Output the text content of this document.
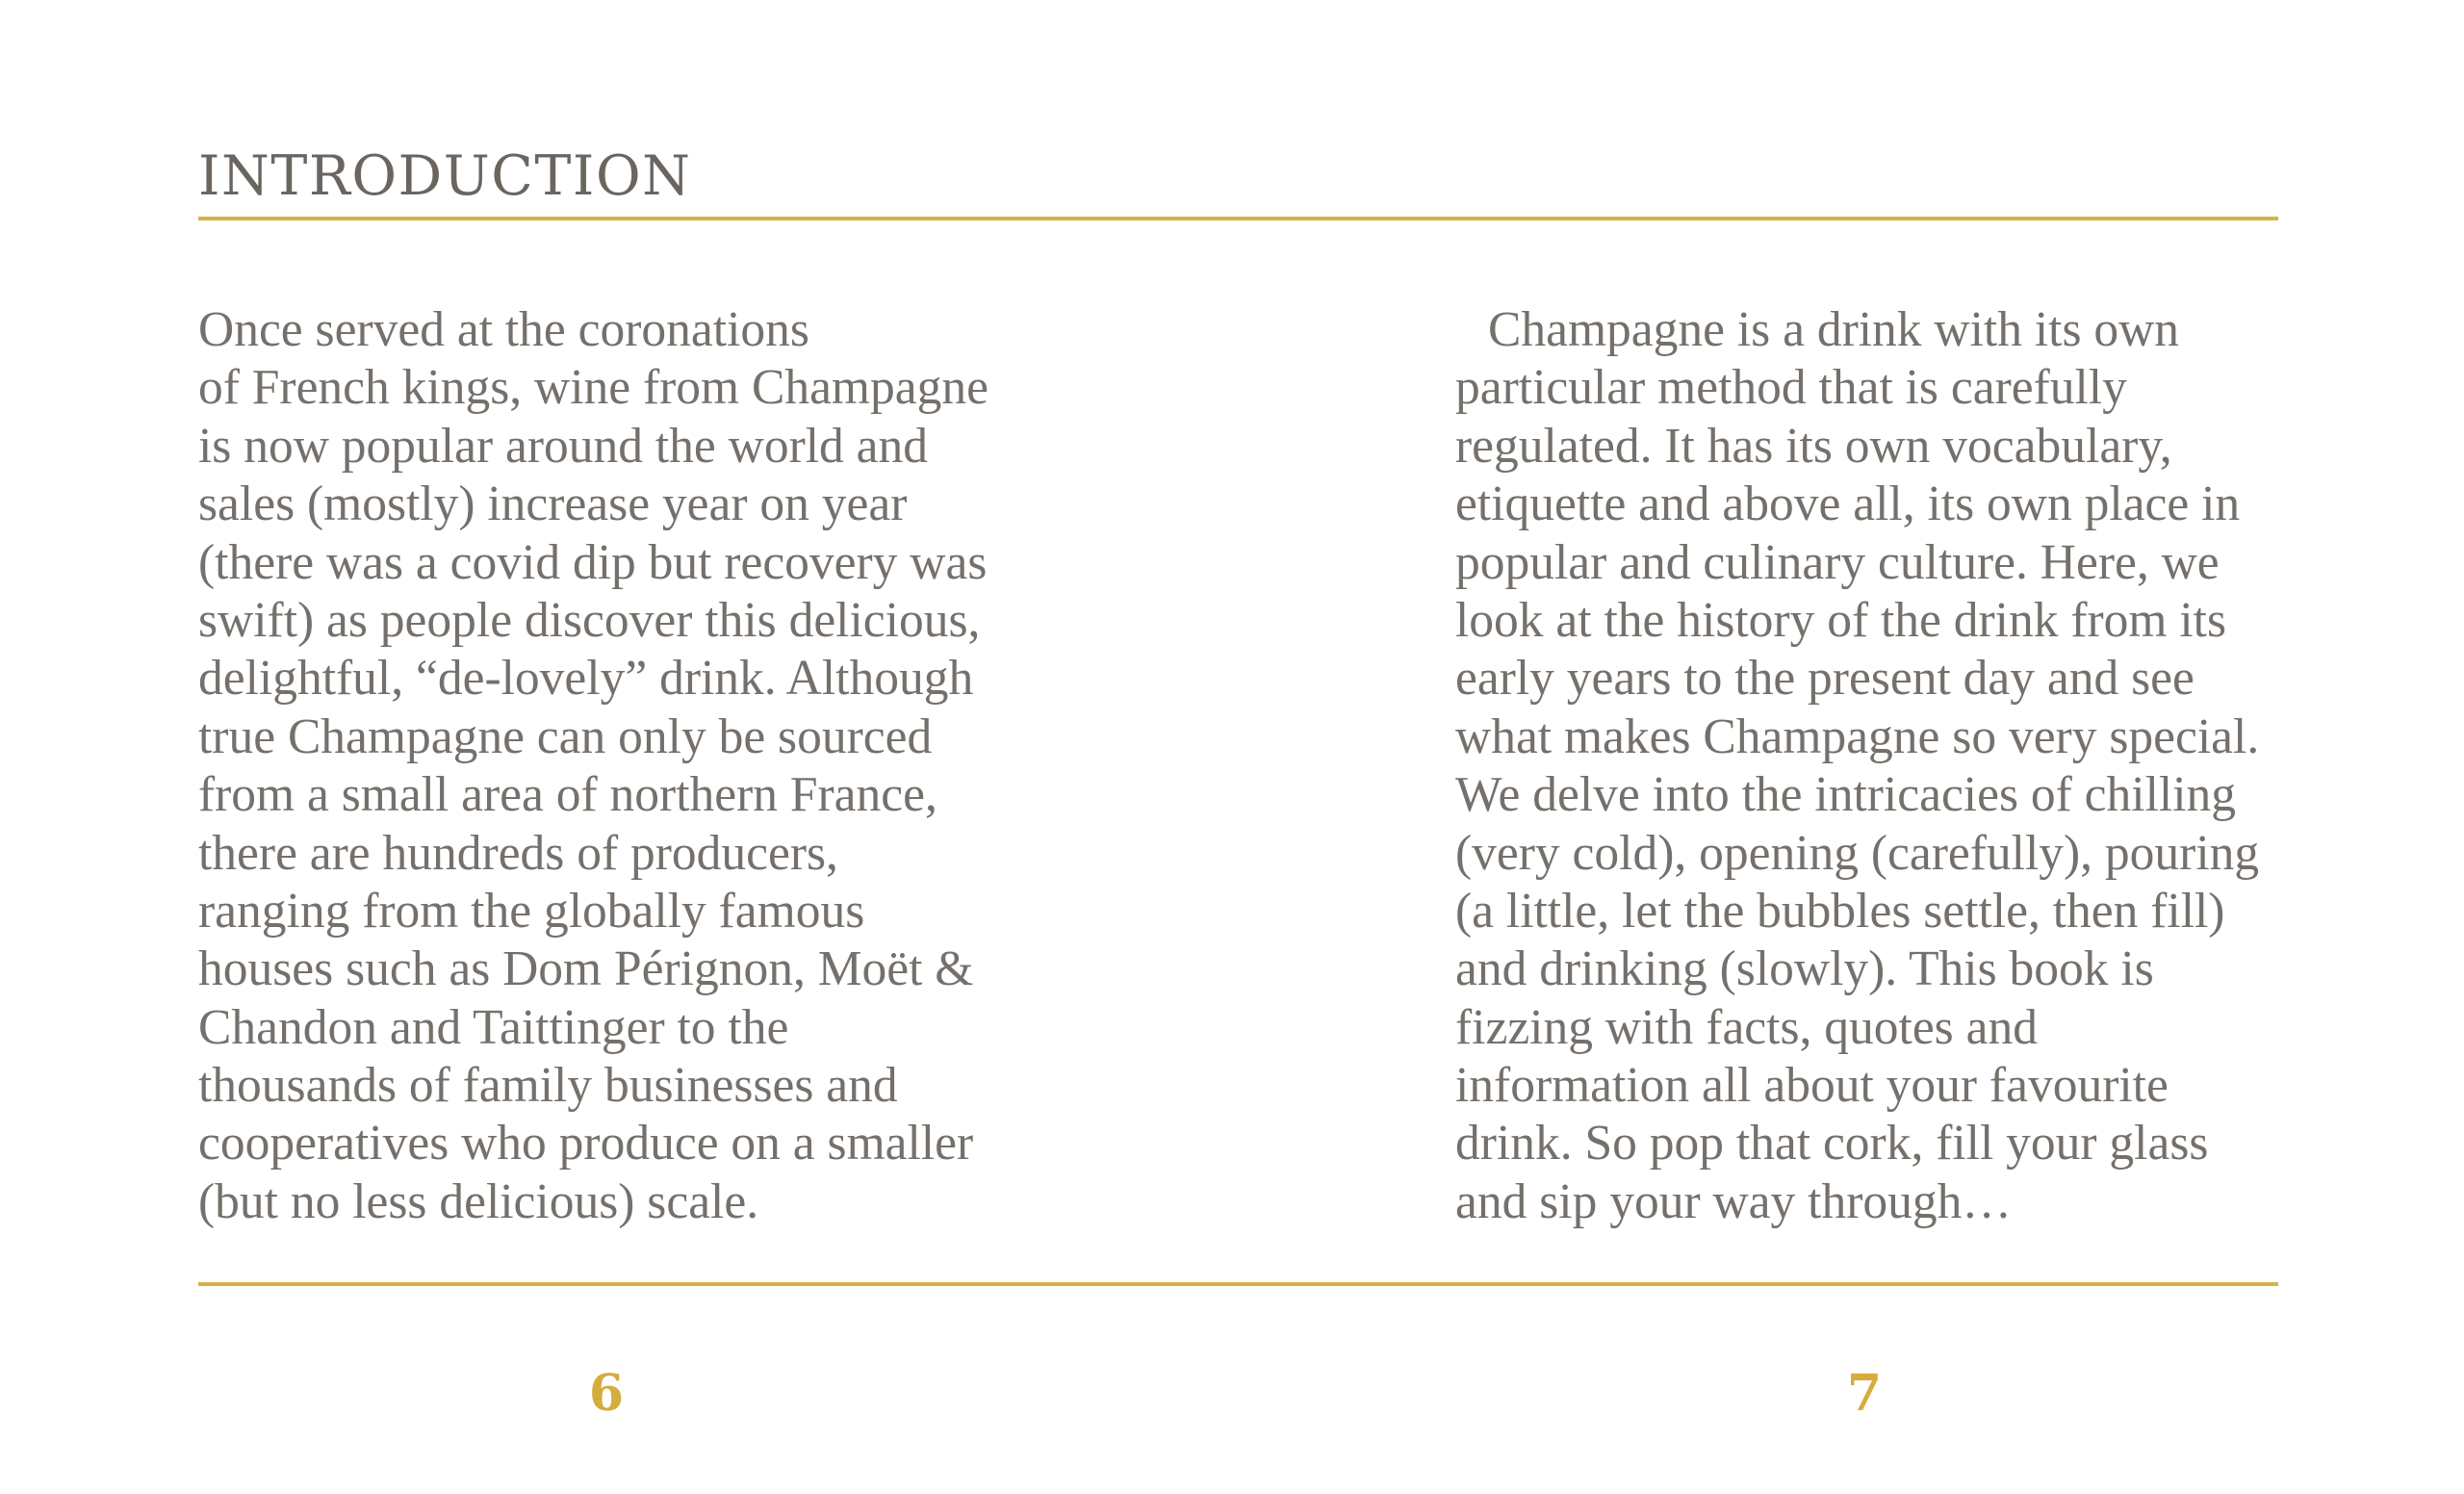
INTRODUCTION
Once served at the coronations
of French kings, wine from Champagne
is now popular around the world and
sales (mostly) increase year on year
(there was a covid dip but recovery was
swift) as people discover this delicious,
delightful, “de-lovely” drink. Although
true Champagne can only be sourced
from a small area of northern France,
there are hundreds of producers,
ranging from the globally famous
houses such as Dom Pérignon, Moët &
Chandon and Taittinger to the
thousands of family businesses and
cooperatives who produce on a smaller
(but no less delicious) scale.
Champagne is a drink with its own
particular method that is carefully
regulated. It has its own vocabulary,
etiquette and above all, its own place in
popular and culinary culture. Here, we
look at the history of the drink from its
early years to the present day and see
what makes Champagne so very special.
We delve into the intricacies of chilling
(very cold), opening (carefully), pouring
(a little, let the bubbles settle, then fill)
and drinking (slowly). This book is
fizzing with facts, quotes and
information all about your favourite
drink. So pop that cork, fill your glass
and sip your way through…
6	7
